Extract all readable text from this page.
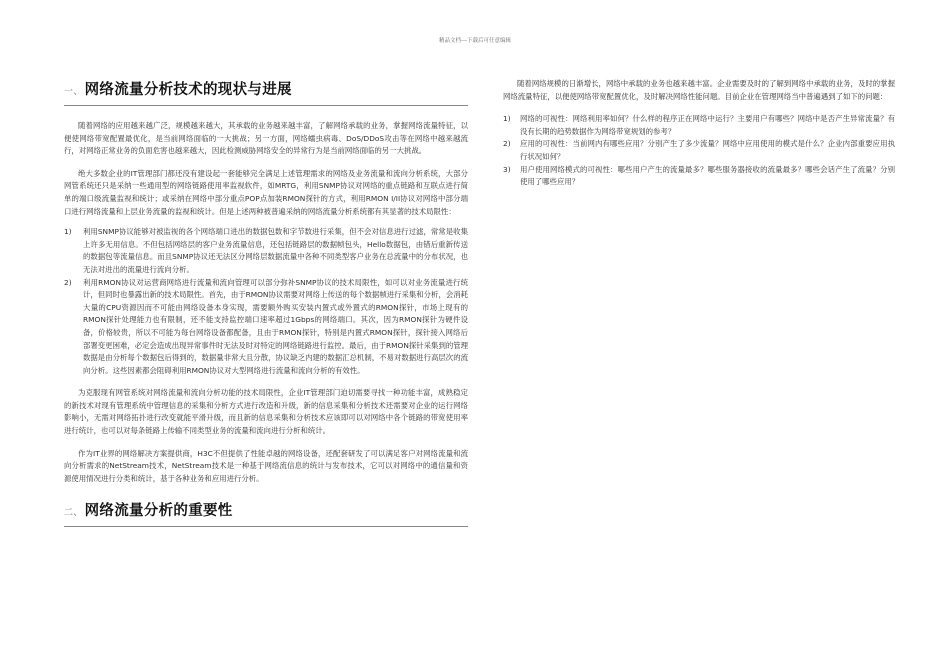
精品文档---下载后可任意编辑
一、 网络流量分析技术的现状与进展

随着网络的应用越来越广泛，规模越来越大，其承载的业务越来越丰富，了解网络承载的业务，掌握网络流量特征，以便使网络带宽配置最优化，是当前网络面临的一大挑战；另一方面，网络蠕虫病毒、DoS/DDoS攻击等在网络中越来越流行，对网络正常业务的负面危害也越来越大，因此检测威胁网络安全的异常行为是当前网络面临的另一大挑战。

绝大多数企业的IT管理部门都还没有建设起一套能够完全满足上述管理需求的网络及业务流量和流向分析系统，大部分网管系统还只是采纳一些通用型的网络链路使用率监视软件，如MRTG，利用SNMP协议对网络的重点链路和互联点进行简单的端口级流量监视和统计；或采纳在网络中部分重点POP点加装RMON探针的方式，利用RMON I/II协议对网络中部分端口进行网络流量和上层业务流量的监视和统计。但是上述两种被普遍采纳的网络流量分析系统都有其显著的技术局限性：

1) 利用SNMP协议能够对被监视的各个网络端口进出的数据包数和字节数进行采集，但不会对信息进行过滤，常常是收集上许多无用信息。不但包括网络层的客户业务流量信息，还包括链路层的数据帧包头，Hello数据包，由错后重新传送的数据包等流量信息。而且SNMP协议还无法区分网络层数据流量中各种不同类型客户业务在总流量中的分布状况，也无法对进出的流量进行流向分析。
2) 利用RMON协议对运营商网络进行流量和流向管理可以部分弥补SNMP协议的技术局限性，如可以对业务流量进行统计，但同时也暴露出新的技术局限性。首先，由于RMON协议需要对网络上传送的每个数据帧进行采集和分析，会消耗大量的CPU资源因而不可能由网络设备本身实现，需要额外购买安装内置式或外置式的RMON探针，市场上现有的RMON探针处理能力也有限制，还不能支持监控端口速率超过1Gbps的网络端口。其次，因为RMON探针为硬件设备，价格较贵，所以不可能为每台网络设备都配备，且由于RMON探针，特别是内置式RMON探针，探针接入网络后部署变更困难，必定会造成出现异常事件时无法及时对特定的网络链路进行监控。最后，由于RMON探针采集到的管理数据是由分析每个数据包后得到的，数据量非常大且分散，协议缺乏内建的数据汇总机制，不易对数据进行高层次的流向分析。这些因素都会阻碍利用RMON协议对大型网络进行流量和流向分析的有效性。

为克服现有网管系统对网络流量和流向分析功能的技术局限性，企业IT管理部门迫切需要寻找一种功能丰富，成熟稳定的新技术对现有管理系统中管理信息的采集和分析方式进行改造和升级，新的信息采集和分析技术还需要对企业的运行网络影响小，无需对网络拓扑进行改变就能平滑升级，而且新的信息采集和分析技术应该即可以对网络中各个链路的带宽使用率进行统计，也可以对每条链路上传输不同类型业务的流量和流向进行分析和统计。

作为IT业界的网络解决方案提供商，H3C不但提供了性能卓越的网络设备，还配套研发了可以满足客户对网络流量和流向分析需求的NetStream技术，NetStream技术是一种基于网络流信息的统计与发布技术，它可以对网络中的通信量和资源使用情况进行分类和统计，基于各种业务和应用进行分析。

二、 网络流量分析的重要性

随着网络规模的日渐增长，网络中承载的业务也越来越丰富。企业需要及时的了解到网络中承载的业务，及时的掌握网络流量特征，以便使网络带宽配置优化，及时解决网络性能问题。目前企业在管理网络当中普遍遇到了如下的问题：

1) 网络的可视性：网络利用率如何？什么样的程序正在网络中运行？主要用户有哪些？网络中是否产生异常流量？有没有长期的趋势数据作为网络带宽规划的参考？
2) 应用的可视性：当前网内有哪些应用？分别产生了多少流量？网络中应用使用的模式是什么？企业内部重要应用执行状况如何？
3) 用户使用网络模式的可视性：哪些用户产生的流量最多？哪些服务器接收的流量最多？哪些会话产生了流量？分别使用了哪些应用？
